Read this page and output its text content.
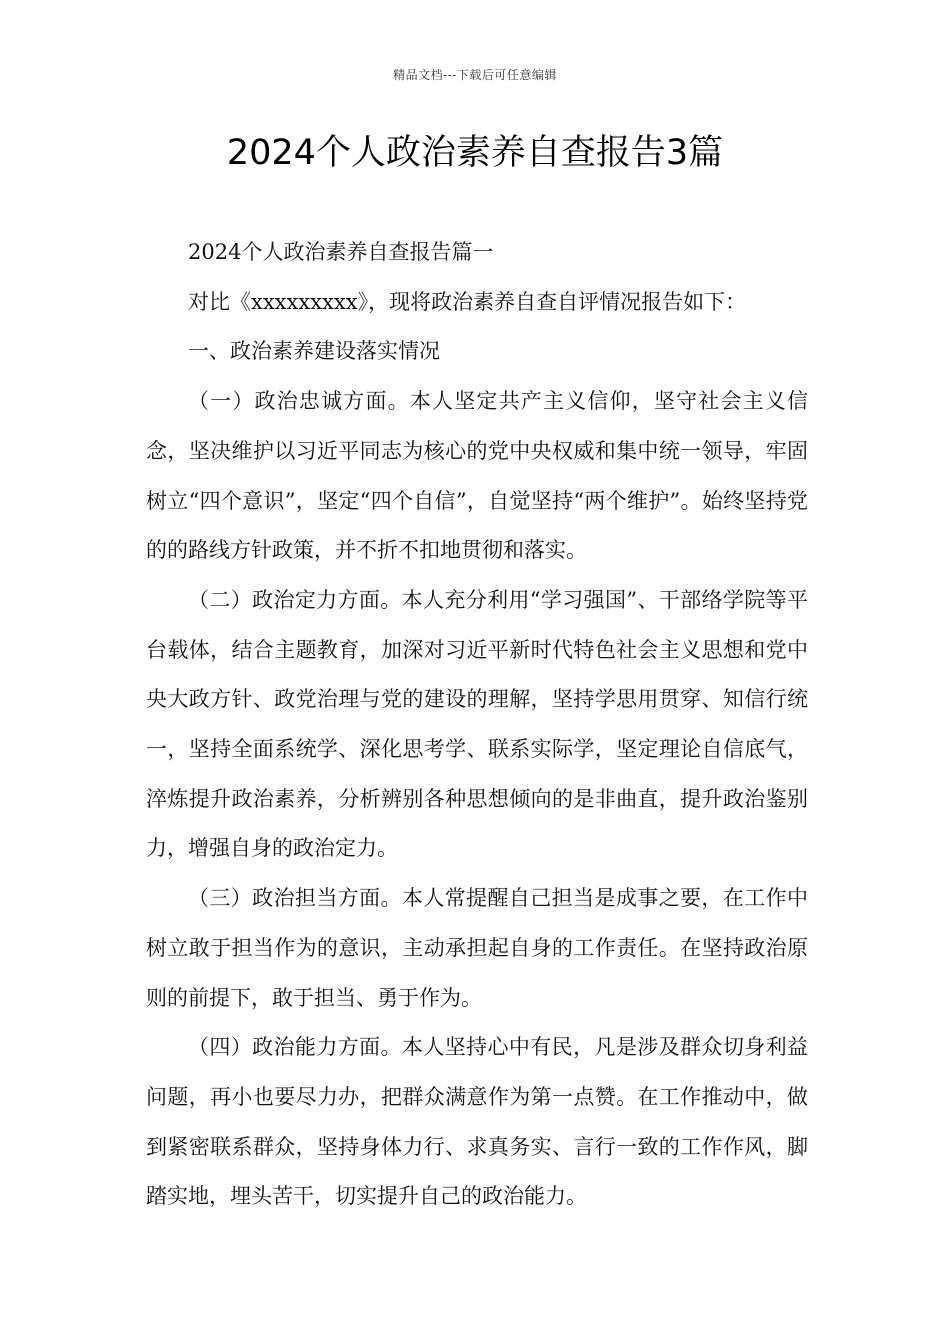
精品文档---下载后可任意编辑
2024个人政治素养自查报告3篇

2024个人政治素养自查报告篇一

对比《xxxxxxxxx》，现将政治素养自查自评情况报告如下：

一、政治素养建设落实情况

（一）政治忠诚方面。本人坚定共产主义信仰，坚守社会主义信念，坚决维护以习近平同志为核心的党中央权威和集中统一领导，牢固树立“四个意识”，坚定“四个自信”，自觉坚持“两个维护”。始终坚持党的的路线方针政策，并不折不扣地贯彻和落实。

（二）政治定力方面。本人充分利用“学习强国”、干部络学院等平台载体，结合主题教育，加深对习近平新时代特色社会主义思想和党中央大政方针、政党治理与党的建设的理解，坚持学思用贯穿、知信行统一，坚持全面系统学、深化思考学、联系实际学，坚定理论自信底气，淬炼提升政治素养，分析辨别各种思想倾向的是非曲直，提升政治鉴别力，增强自身的政治定力。

（三）政治担当方面。本人常提醒自己担当是成事之要，在工作中树立敢于担当作为的意识，主动承担起自身的工作责任。在坚持政治原则的前提下，敢于担当、勇于作为。

（四）政治能力方面。本人坚持心中有民，凡是涉及群众切身利益问题，再小也要尽力办，把群众满意作为第一点赞。在工作推动中，做到紧密联系群众，坚持身体力行、求真务实、言行一致的工作作风，脚踏实地，埋头苦干，切实提升自己的政治能力。
